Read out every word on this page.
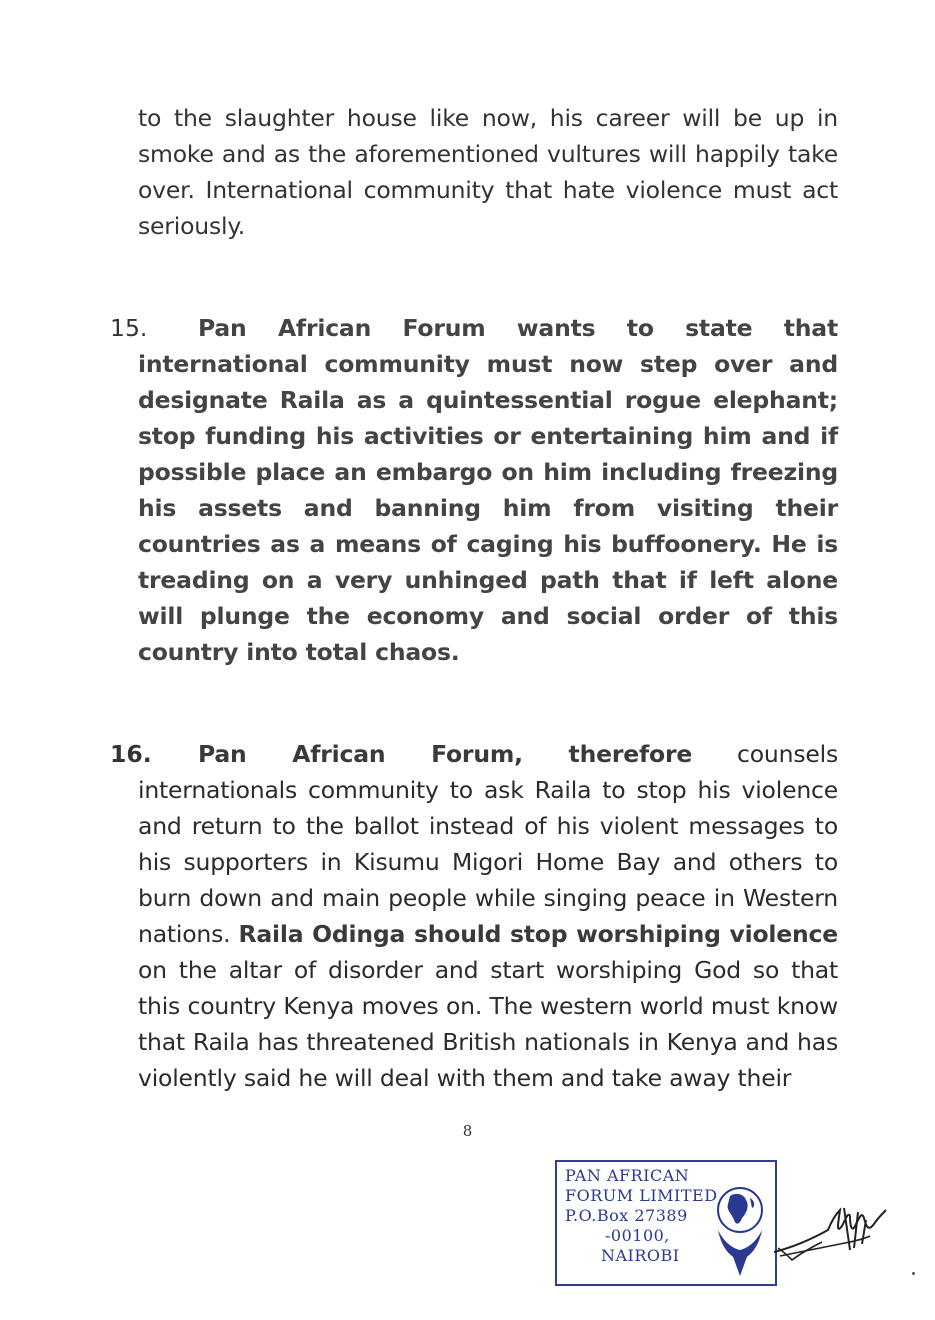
to the slaughter house like now, his career will be up in smoke and as the aforementioned vultures will happily take over. International community that hate violence must act seriously.

15.	Pan African Forum wants to state that international community must now step over and designate Raila as a quintessential rogue elephant; stop funding his activities or entertaining him and if possible place an embargo on him including freezing his assets and banning him from visiting their countries as a means of caging his buffoonery. He is treading on a very unhinged path that if left alone will plunge the economy and social order of this country into total chaos.

16.	Pan African Forum, therefore counsels internationals community to ask Raila to stop his violence and return to the ballot instead of his violent messages to his supporters in Kisumu Migori Home Bay and others to burn down and main people while singing peace in Western nations. Raila Odinga should stop worshiping violence on the altar of disorder and start worshiping God so that this country Kenya moves on. The western world must know that Raila has threatened British nationals in Kenya and has violently said he will deal with them and take away their

8
PAN AFRICAN
FORUM LIMITED
P.O.Box 27389
-00100,
NAIROBI
